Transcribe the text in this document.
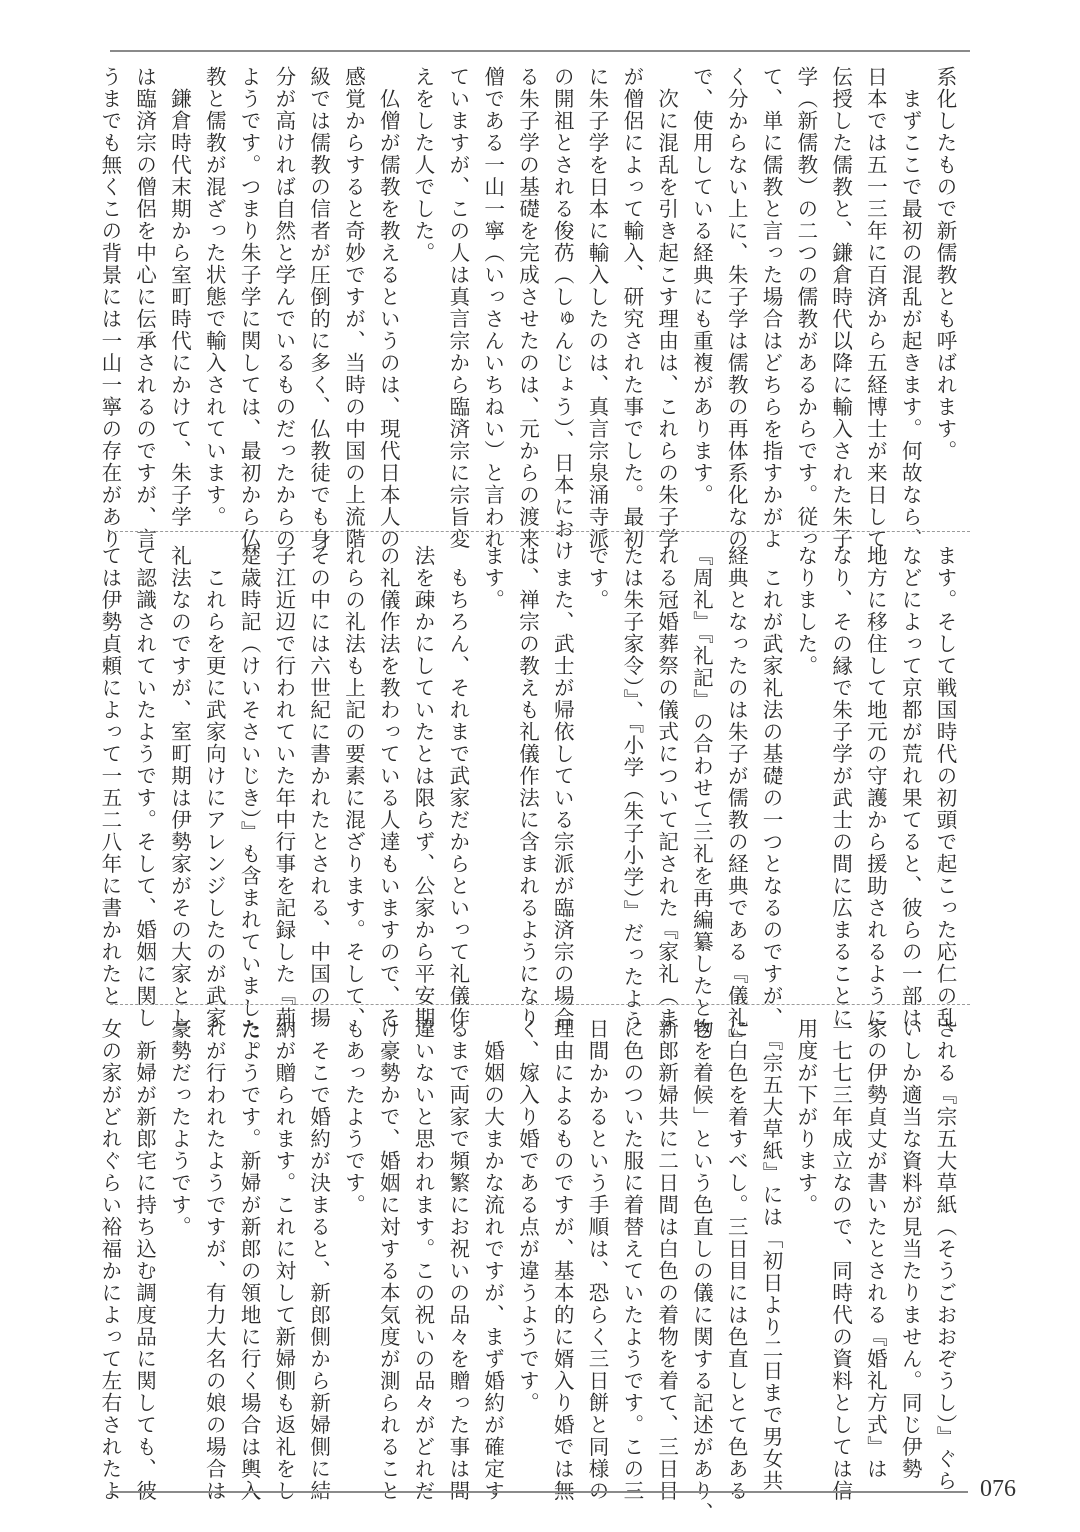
系化したもので新儒教とも呼ばれます。
　まずここで最初の混乱が起きます。何故なら、
日本では五一三年に百済から五経博士が来日して
伝授した儒教と、鎌倉時代以降に輸入された朱子
学（新儒教）の二つの儒教があるからです。従っ
て、単に儒教と言った場合はどちらを指すかがよ
く分からない上に、朱子学は儒教の再体系化なの
で、使用している経典にも重複があります。
　次に混乱を引き起こす理由は、これらの朱子学
が僧侶によって輸入、研究された事でした。最初
に朱子学を日本に輸入したのは、真言宗泉涌寺派
の開祖とされる俊芿（しゅんじょう）、日本におけ
る朱子学の基礎を完成させたのは、元からの渡来
僧である一山一寧（いっさんいちねい）と言われ
ていますが、この人は真言宗から臨済宗に宗旨変
えをした人でした。
　仏僧が儒教を教えるというのは、現代日本人の
感覚からすると奇妙ですが、当時の中国の上流階
級では儒教の信者が圧倒的に多く、仏教徒でも身
分が高ければ自然と学んでいるものだったからの
ようです。つまり朱子学に関しては、最初から仏
教と儒教が混ざった状態で輸入されています。
　鎌倉時代末期から室町時代にかけて、朱子学
は臨済宗の僧侶を中心に伝承されるのですが、言
うまでも無くこの背景には一山一寧の存在があり
ます。そして戦国時代の初頭で起こった応仁の乱
などによって京都が荒れ果てると、彼らの一部は
地方に移住して地元の守護から援助されるように
なり、その縁で朱子学が武士の間に広まることに
なりました。
　これが武家礼法の基礎の一つとなるのですが、
経典となったのは朱子が儒教の経典である『儀礼』
『周礼』『礼記』の合わせて三礼を再編纂したとさ
れる冠婚葬祭の儀式について記された『家礼（ま
たは朱子家令）』、『小学（朱子小学）』だったよう
です。
　また、武士が帰依している宗派が臨済宗の場合
は、禅宗の教えも礼儀作法に含まれるようになり
ます。
　もちろん、それまで武家だからといって礼儀作
法を疎かにしていたとは限らず、公家から平安期
の礼儀作法を教わっている人達もいますので、そ
れらの礼法も上記の要素に混ざります。そして、
その中には六世紀に書かれたとされる、中国の揚
子江近辺で行われていた年中行事を記録した『荊
楚歳時記（けいそさいじき）』も含まれていました。
　これらを更に武家向けにアレンジしたのが武家
礼法なのですが、室町期は伊勢家がその大家とし
て認識されていたようです。そして、婚姻に関し
ては伊勢貞頼によって一五二八年に書かれたと
される『宗五大草紙（そうごおおぞうし）』ぐら
いしか適当な資料が見当たりません。同じ伊勢
家の伊勢貞丈が書いたとされる『婚礼方式』は
一七七三年成立なので、同時代の資料としては信
用度が下がります。
　『宗五大草紙』には「初日より二日まで男女共
に白色を着すべし。三日目には色直しとて色ある
物を着候」という色直しの儀に関する記述があり、
新郎新婦共に二日間は白色の着物を着て、三日目
に色のついた服に着替えていたようです。この三
日間かかるという手順は、恐らく三日餅と同様の
理由によるものですが、基本的に婿入り婚では無
く、嫁入り婚である点が違うようです。
　婚姻の大まかな流れですが、まず婚約が確定す
るまで両家で頻繁にお祝いの品々を贈った事は間
違いないと思われます。この祝いの品々がどれだ
け豪勢かで、婚姻に対する本気度が測られること
もあったようです。
　そこで婚約が決まると、新郎側から新婦側に結
納が贈られます。これに対して新婦側も返礼をし
たようです。新婦が新郎の領地に行く場合は輿入
れが行われたようですが、有力大名の娘の場合は
豪勢だったようです。
　新婦が新郎宅に持ち込む調度品に関しても、彼
女の家がどれぐらい裕福かによって左右されたよ	076
